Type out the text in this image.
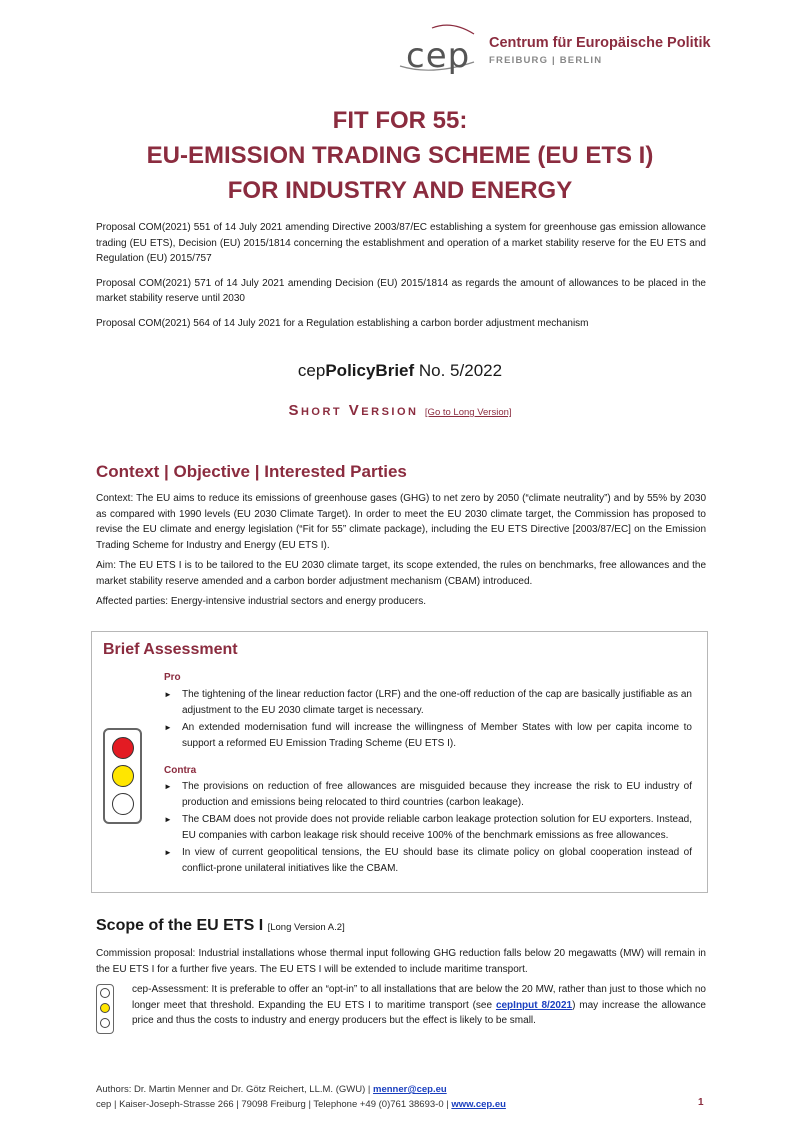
cep Centrum für Europäische Politik
FREIBURG | BERLIN
FIT FOR 55:
EU-EMISSION TRADING SCHEME (EU ETS I)
FOR INDUSTRY AND ENERGY

Proposal COM(2021) 551 of 14 July 2021 amending Directive 2003/87/EC establishing a system for greenhouse gas emission allowance trading (EU ETS), Decision (EU) 2015/1814 concerning the establishment and operation of a market stability reserve for the EU ETS and Regulation (EU) 2015/757

Proposal COM(2021) 571 of 14 July 2021 amending Decision (EU) 2015/1814 as regards the amount of allowances to be placed in the market stability reserve until 2030

Proposal COM(2021) 564 of 14 July 2021 for a Regulation establishing a carbon border adjustment mechanism

cepPolicyBrief No. 5/2022
Short Version [Go to Long Version]
Context | Objective | Interested Parties

Context: The EU aims to reduce its emissions of greenhouse gases (GHG) to net zero by 2050 (“climate neutrality”) and by 55% by 2030 as compared with 1990 levels (EU 2030 Climate Target). In order to meet the EU 2030 climate target, the Commission has proposed to revise the EU climate and energy legislation (“Fit for 55” climate package), including the EU ETS Directive [2003/87/EC] on the Emission Trading Scheme for Industry and Energy (EU ETS I).

Aim: The EU ETS I is to be tailored to the EU 2030 climate target, its scope extended, the rules on benchmarks, free allowances and the market stability reserve amended and a carbon border adjustment mechanism (CBAM) introduced.

Affected parties: Energy-intensive industrial sectors and energy producers.

Brief Assessment
Pro
► The tightening of the linear reduction factor (LRF) and the one-off reduction of the cap are basically justifiable as an adjustment to the EU 2030 climate target is necessary.
► An extended modernisation fund will increase the willingness of Member States with low per capita income to support a reformed EU Emission Trading Scheme (EU ETS I).
Contra
► The provisions on reduction of free allowances are misguided because they increase the risk to EU industry of production and emissions being relocated to third countries (carbon leakage).
► The CBAM does not provide does not provide reliable carbon leakage protection solution for EU exporters. Instead, EU companies with carbon leakage risk should receive 100% of the benchmark emissions as free allowances.
► In view of current geopolitical tensions, the EU should base its climate policy on global cooperation instead of conflict-prone unilateral initiatives like the CBAM.
Scope of the EU ETS I [Long Version A.2]
Commission proposal: Industrial installations whose thermal input following GHG reduction falls below 20 megawatts (MW) will remain in the EU ETS I for a further five years. The EU ETS I will be extended to include maritime transport.
cep-Assessment: It is preferable to offer an “opt-in” to all installations that are below the 20 MW, rather than just to those which no longer meet that threshold. Expanding the EU ETS I to maritime transport (see cepInput 8/2021) may increase the allowance price and thus the costs to industry and energy producers but the effect is likely to be small.
Authors: Dr. Martin Menner and Dr. Götz Reichert, LL.M. (GWU) | menner@cep.eu
cep | Kaiser-Joseph-Strasse 266 | 79098 Freiburg | Telephone +49 (0)761 38693-0 | www.cep.eu	1
